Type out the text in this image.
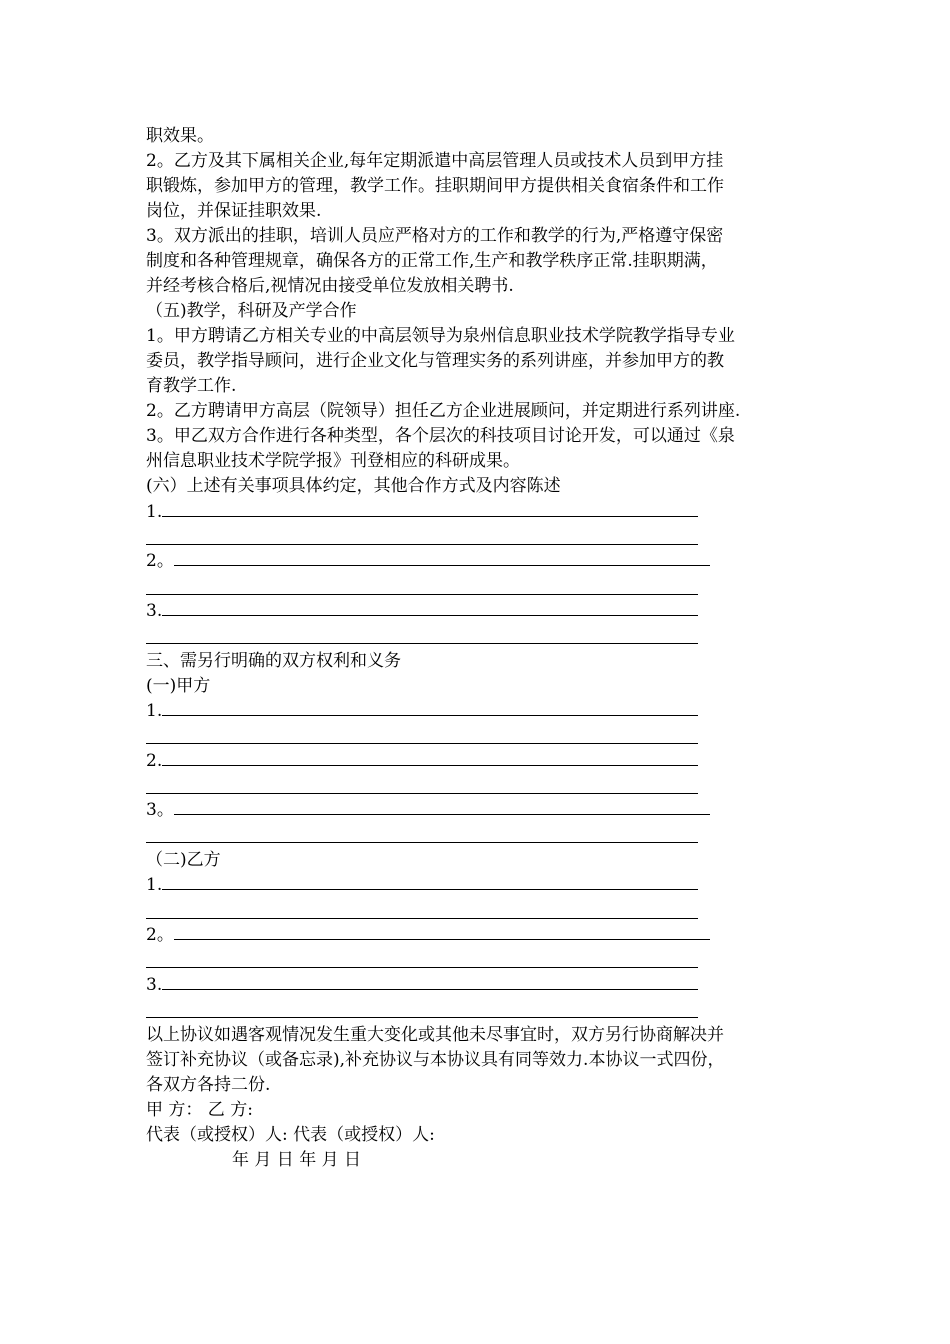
职效果。
2。乙方及其下属相关企业,每年定期派遣中高层管理人员或技术人员到甲方挂
职锻炼，参加甲方的管理，教学工作。挂职期间甲方提供相关食宿条件和工作
岗位，并保证挂职效果.
3。双方派出的挂职，培训人员应严格对方的工作和教学的行为,严格遵守保密
制度和各种管理规章，确保各方的正常工作,生产和教学秩序正常.挂职期满，
并经考核合格后,视情况由接受单位发放相关聘书.
（五)教学，科研及产学合作
1。甲方聘请乙方相关专业的中高层领导为泉州信息职业技术学院教学指导专业
委员，教学指导顾问，进行企业文化与管理实务的系列讲座，并参加甲方的教
育教学工作.
2。乙方聘请甲方高层（院领导）担任乙方企业进展顾问，并定期进行系列讲座.
3。甲乙双方合作进行各种类型，各个层次的科技项目讨论开发，可以通过《泉
州信息职业技术学院学报》刊登相应的科研成果。
(六）上述有关事项具体约定，其他合作方式及内容陈述
1.
2。
3.
三、需另行明确的双方权利和义务
(一)甲方
1.
2.
3。
（二)乙方
1.
2。
3.
以上协议如遇客观情况发生重大变化或其他未尽事宜时，双方另行协商解决并
签订补充协议（或备忘录),补充协议与本协议具有同等效力.本协议一式四份，
各双方各持二份.
甲 方： 乙 方:
代表（或授权）人: 代表（或授权）人:
年 月 日 年 月 日
